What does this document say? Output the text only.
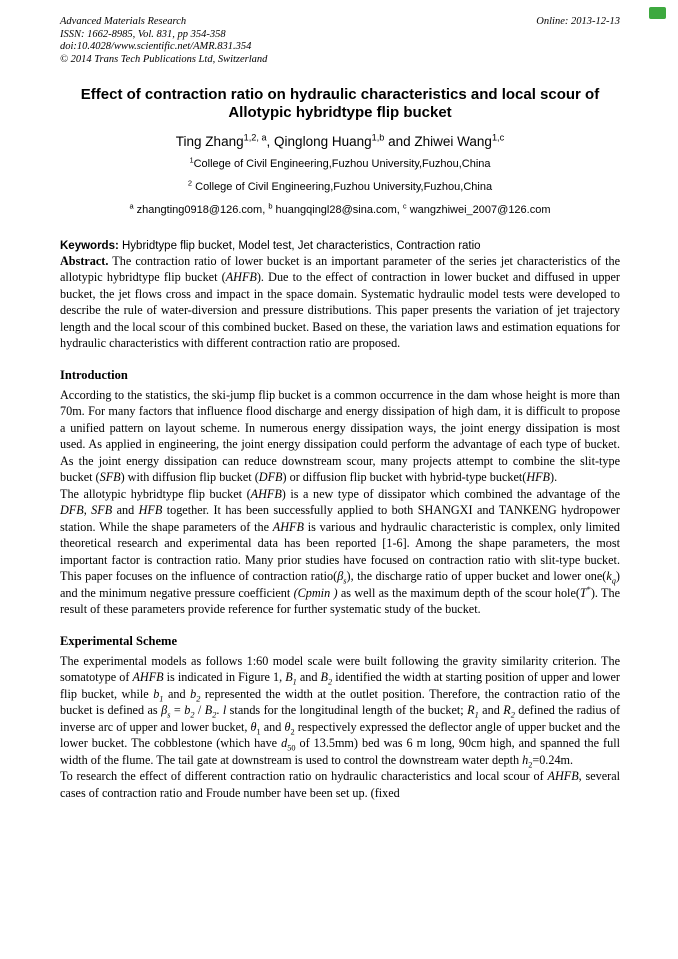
Advanced Materials Research
ISSN: 1662-8985, Vol. 831, pp 354-358
doi:10.4028/www.scientific.net/AMR.831.354
© 2014 Trans Tech Publications Ltd, Switzerland
Online: 2013-12-13
Effect of contraction ratio on hydraulic characteristics and local scour of Allotypic hybridtype flip bucket
Ting Zhang$^{1,2, a}$, Qinglong Huang$^{1,b}$ and Zhiwei Wang$^{1,c}$
$^1$College of Civil Engineering,Fuzhou University,Fuzhou,China
$^2$ College of Civil Engineering,Fuzhou University,Fuzhou,China
$^a$ zhangting0918@126.com, $^b$ huangqingl28@sina.com, $^c$ wangzhiwei_2007@126.com
Keywords: Hybridtype flip bucket, Model test, Jet characteristics, Contraction ratio

Abstract. The contraction ratio of lower bucket is an important parameter of the series jet characteristics of the allotypic hybridtype flip bucket (AHFB). Due to the effect of contraction in lower bucket and diffused in upper bucket, the jet flows cross and impact in the space domain. Systematic hydraulic model tests were developed to describe the rule of water-diversion and pressure distributions. This paper presents the variation of jet trajectory length and the local scour of this combined bucket. Based on these, the variation laws and estimation equations for hydraulic characteristics with different contraction ratio are proposed.

Introduction

According to the statistics, the ski-jump flip bucket is a common occurrence in the dam whose height is more than 70m. For many factors that influence flood discharge and energy dissipation of high dam, it is difficult to propose a unified pattern on layout scheme. In numerous energy dissipation ways, the joint energy dissipation is most used. As applied in engineering, the joint energy dissipation could perform the advantage of each type of bucket. As the joint energy dissipation can reduce downstream scour, many projects attempt to combine the slit-type bucket (SFB) with diffusion flip bucket (DFB) or diffusion flip bucket with hybrid-type bucket(HFB).

The allotypic hybridtype flip bucket (AHFB) is a new type of dissipator which combined the advantage of the DFB, SFB and HFB together. It has been successfully applied to both SHANGXI and TANKENG hydropower station. While the shape parameters of the AHFB is various and hydraulic characteristic is complex, only limited theoretical research and experimental data has been reported [1-6]. Among the shape parameters, the most important factor is contraction ratio. Many prior studies have focused on contraction ratio with slit-type bucket. This paper focuses on the influence of contraction $ratio(\beta_s)$, the discharge ratio of upper bucket and lower $one(k_q)$ and the minimum negative pressure coefficient (Cpmin ) as well as the maximum depth of the scour hole(T*). The result of these parameters provide reference for further systematic study of the bucket.

Experimental Scheme

The experimental models as follows 1:60 model scale were built following the gravity similarity criterion. The somatotype of AHFB is indicated in Figure 1, $B_1$ and $B_2$ identified the width at starting position of upper and lower flip bucket, while $b_1$ and $b_2$ represented the width at the outlet position. Therefore, the contraction ratio of the bucket is defined as $\beta_s = b_2 / B_2$. l stands for the longitudinal length of the bucket; $R_1$ and $R_2$ defined the radius of inverse arc of upper and lower bucket, $\theta_1$ and $\theta_2$ respectively expressed the deflector angle of upper bucket and the lower bucket. The cobblestone (which have $d_{50}$ of 13.5mm) bed was 6 m long, 90cm high, and spanned the full width of the flume. The tail gate at downstream is used to control the downstream water depth $h_2=0.24m$.

To research the effect of different contraction ratio on hydraulic characteristics and local scour of AHFB, several cases of contraction ratio and Froude number have been set up. (fixed
